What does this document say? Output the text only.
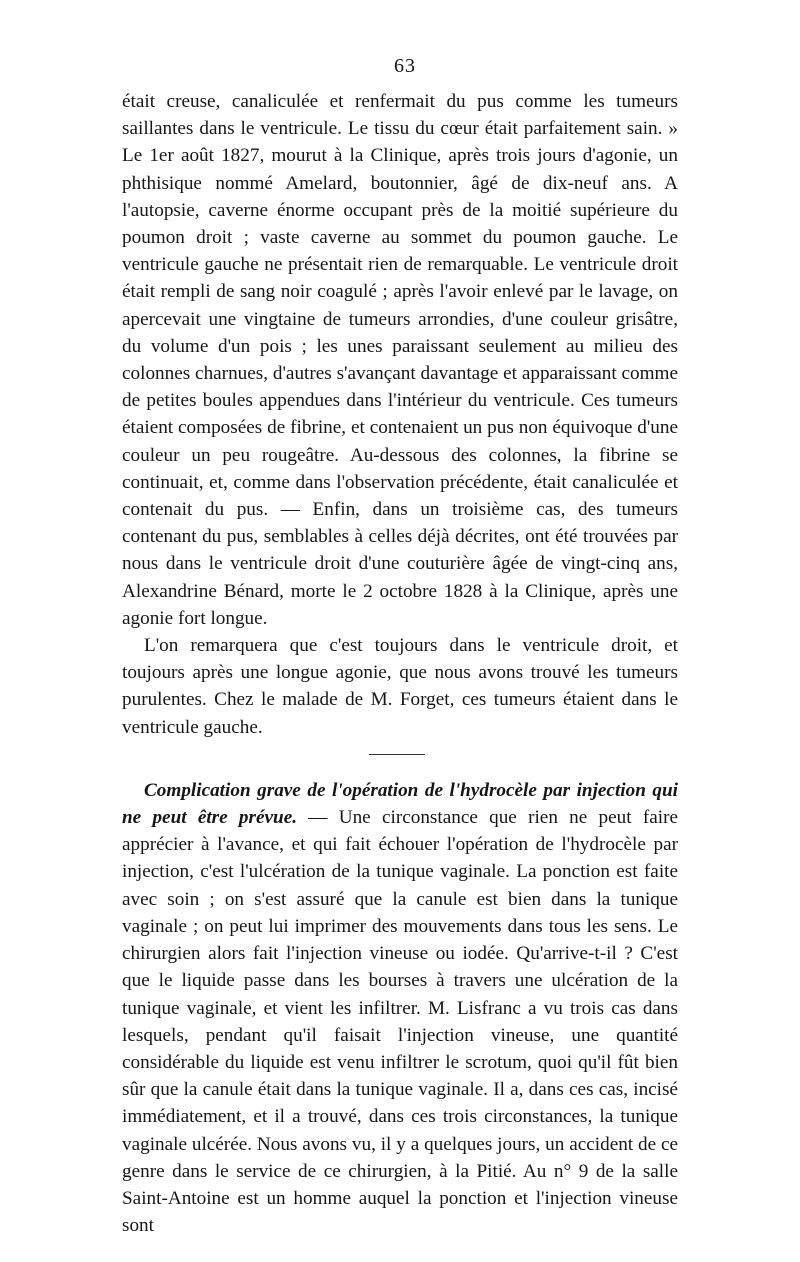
63

était creuse, canaliculée et renfermait du pus comme les tumeurs saillantes dans le ventricule. Le tissu du cœur était parfaitement sain. » Le 1er août 1827, mourut à la Clinique, après trois jours d'agonie, un phthisique nommé Amelard, boutonnier, âgé de dix-neuf ans. A l'autopsie, caverne énorme occupant près de la moitié supérieure du poumon droit ; vaste caverne au sommet du poumon gauche. Le ventricule gauche ne présentait rien de remarquable. Le ventricule droit était rempli de sang noir coagulé ; après l'avoir enlevé par le lavage, on apercevait une vingtaine de tumeurs arrondies, d'une couleur grisâtre, du volume d'un pois ; les unes paraissant seulement au milieu des colonnes charnues, d'autres s'avançant davantage et apparaissant comme de petites boules appendues dans l'intérieur du ventricule. Ces tumeurs étaient composées de fibrine, et contenaient un pus non équivoque d'une couleur un peu rougeâtre. Au-dessous des colonnes, la fibrine se continuait, et, comme dans l'observation précédente, était canaliculée et contenait du pus. — Enfin, dans un troisième cas, des tumeurs contenant du pus, semblables à celles déjà décrites, ont été trouvées par nous dans le ventricule droit d'une couturière âgée de vingt-cinq ans, Alexandrine Bénard, morte le 2 octobre 1828 à la Clinique, après une agonie fort longue.

L'on remarquera que c'est toujours dans le ventricule droit, et toujours après une longue agonie, que nous avons trouvé les tumeurs purulentes. Chez le malade de M. Forget, ces tumeurs étaient dans le ventricule gauche.

Complication grave de l'opération de l'hydrocèle par injection qui ne peut être prévue. — Une circonstance que rien ne peut faire apprécier à l'avance, et qui fait échouer l'opération de l'hydrocèle par injection, c'est l'ulcération de la tunique vaginale. La ponction est faite avec soin ; on s'est assuré que la canule est bien dans la tunique vaginale ; on peut lui imprimer des mouvements dans tous les sens. Le chirurgien alors fait l'injection vineuse ou iodée. Qu'arrive-t-il ? C'est que le liquide passe dans les bourses à travers une ulcération de la tunique vaginale, et vient les infiltrer. M. Lisfranc a vu trois cas dans lesquels, pendant qu'il faisait l'injection vineuse, une quantité considérable du liquide est venu infiltrer le scrotum, quoi qu'il fût bien sûr que la canule était dans la tunique vaginale. Il a, dans ces cas, incisé immédiatement, et il a trouvé, dans ces trois circonstances, la tunique vaginale ulcérée. Nous avons vu, il y a quelques jours, un accident de ce genre dans le service de ce chirurgien, à la Pitié. Au n° 9 de la salle Saint-Antoine est un homme auquel la ponction et l'injection vineuse sont
